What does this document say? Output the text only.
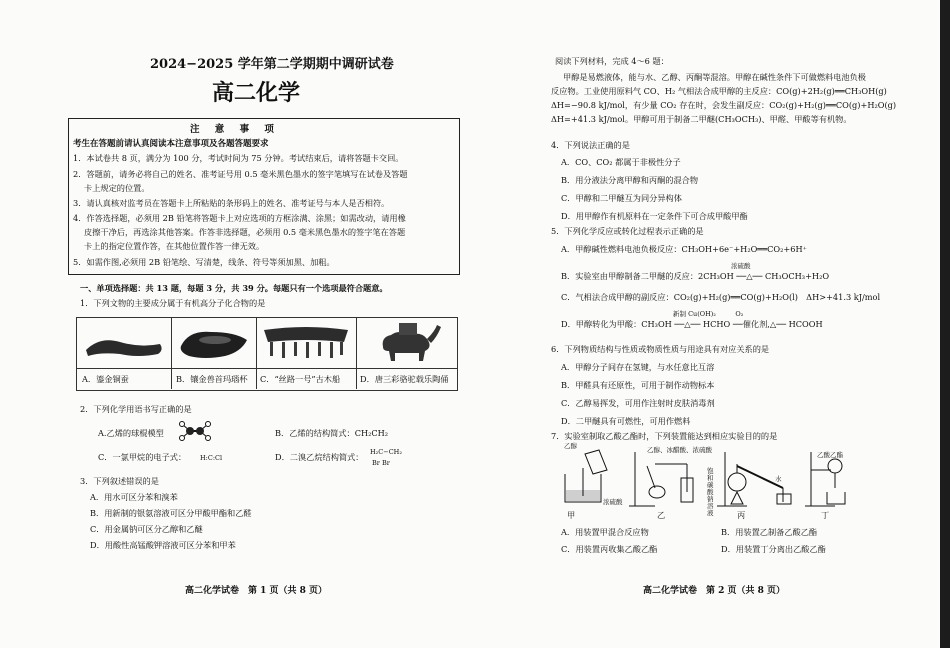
2024−2025 学年第二学期期中调研试卷
高二化学
注 意 事 项
考生在答题前请认真阅读本注意事项及各题答题要求
1．本试卷共 8 页，满分为 100 分，考试时间为 75 分钟。考试结束后，请将答题卡交回。
2．答题前，请务必将自己的姓名、准考证号用 0.5 毫米黑色墨水的签字笔填写在试卷及答题
卡上规定的位置。
3．请认真核对监考员在答题卡上所粘贴的条形码上的姓名、准考证号与本人是否相符。
4．作答选择题，必须用 2B 铅笔将答题卡上对应选项的方框涂满、涂黑；如需改动，请用橡
皮擦干净后，再选涂其他答案。作答非选择题，必须用 0.5 毫米黑色墨水的签字笔在答题
卡上的指定位置作答，在其他位置作答一律无效。
5．如需作图,必须用 2B 铅笔绘、写清楚，线条、符号等须加黑、加粗。
一、单项选择题：共 13 题，每题 3 分，共 39 分。每题只有一个选项最符合题意。
1．下列文物的主要成分属于有机高分子化合物的是
A．鎏金铜蚕	B．镶金兽首玛瑙杯 C．“丝路一号”古木船 D．唐三彩骆驼载乐陶俑
2．下列化学用语书写正确的是
A.乙烯的球棍模型	B．乙烯的结构简式：CH₂CH₂
C．一氯甲烷的电子式： H:C:Cl	D．二溴乙烷结构简式： H₂C−CH₂
Br Br
3．下列叙述错误的是
A．用水可区分苯和溴苯
B．用新制的银氨溶液可区分甲酸甲酯和乙醛
C．用金属钠可区分乙醇和乙醚
D．用酸性高锰酸钾溶液可区分苯和甲苯
高二化学试卷　第 1 页（共 8 页）
阅读下列材料，完成 4～6 题：
甲醇是易燃液体，能与水、乙醇、丙酮等混溶。甲醇在碱性条件下可做燃料电池负极
反应物。工业使用原料气 CO、H₂ 气相法合成甲醇的主反应：CO(g)+2H₂(g)══CH₃OH(g)
ΔH=−90.8 kJ/mol，有少量 CO₂ 存在时，会发生副反应：CO₂(g)+H₂(g)══CO(g)+H₂O(g)
ΔH=+41.3 kJ/mol。甲醇可用于制备二甲醚(CH₃OCH₃)、甲醛、甲酸等有机物。
4．下列说法正确的是
A．CO、CO₂ 都属于非极性分子
B．用分液法分离甲醇和丙酮的混合物
C．甲醇和二甲醚互为同分异构体
D．用甲醇作有机原料在一定条件下可合成甲酸甲酯
5．下列化学反应或转化过程表示正确的是
A．甲醇碱性燃料电池负极反应：CH₃OH+6e⁻+H₂O══CO₂+6H⁺
浓硫酸
B．实验室由甲醇制备二甲醚的反应：2CH₃OH ──△── CH₃OCH₃+H₂O
C．气相法合成甲醇的副反应：CO₂(g)+H₂(g)══CO(g)+H₂O(l)　ΔH>+41.3 kJ/mol
新制 Cu(OH)₂　　　O₂
D．甲醇转化为甲酸：CH₃OH ──△── HCHO ──催化剂,△── HCOOH
6．下列物质结构与性质或物质性质与用途具有对应关系的是
A．甲醇分子间存在氢键，与水任意比互溶
B．甲醛具有还原性，可用于制作动物标本
C．乙醇易挥发，可用作注射时皮肤消毒剂
D．二甲醚具有可燃性，可用作燃料
7．实验室制取乙酸乙酯时，下列装置能达到相应实验目的的是
乙醇
浓硫酸
乙醇、冰醋酸、浓硫酸
饱和碳酸钠溶液
水
乙酸乙酯
甲	乙	丙	丁
A．用装置甲混合反应物	B．用装置乙制备乙酸乙酯
C．用装置丙收集乙酸乙酯	D．用装置丁分离出乙酸乙酯
高二化学试卷　第 2 页（共 8 页）
